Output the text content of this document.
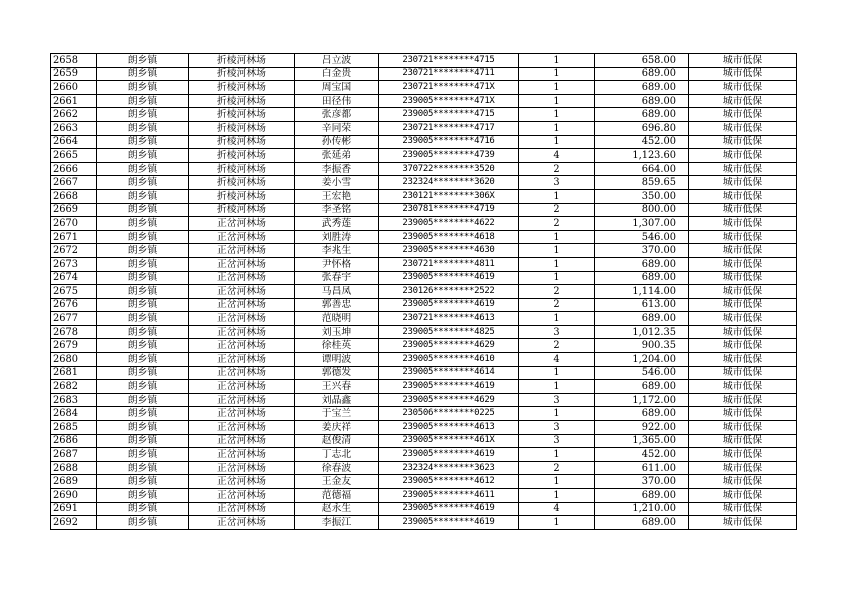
2658	朗乡镇	折棱河林场	吕立波	230721********4715	1	658.00	城市低保
2659	朗乡镇	折棱河林场	白金贵	230721********4711	1	689.00	城市低保
2660	朗乡镇	折棱河林场	周宝国	230721********471X	1	689.00	城市低保
2661	朗乡镇	折棱河林场	田径伟	239005********471X	1	689.00	城市低保
2662	朗乡镇	折棱河林场	张彦都	239005********4715	1	689.00	城市低保
2663	朗乡镇	折棱河林场	辛同荣	230721********4717	1	696.80	城市低保
2664	朗乡镇	折棱河林场	孙传彬	239005********4716	1	452.00	城市低保
2665	朗乡镇	折棱河林场	张延弟	239005********4739	4	1,123.60	城市低保
2666	朗乡镇	折棱河林场	李振香	370722********3520	2	664.00	城市低保
2667	朗乡镇	折棱河林场	姜小雪	232324********3620	3	859.65	城市低保
2668	朗乡镇	折棱河林场	王宏艳	230121********306X	1	350.00	城市低保
2669	朗乡镇	折棱河林场	李圣铭	230781********4719	2	800.00	城市低保
2670	朗乡镇	正岔河林场	武秀莲	239005********4622	2	1,307.00	城市低保
2671	朗乡镇	正岔河林场	刘胜涛	239005********4618	1	546.00	城市低保
2672	朗乡镇	正岔河林场	李兆生	239005********4630	1	370.00	城市低保
2673	朗乡镇	正岔河林场	尹怀格	230721********4811	1	689.00	城市低保
2674	朗乡镇	正岔河林场	张春宇	239005********4619	1	689.00	城市低保
2675	朗乡镇	正岔河林场	马昌凤	230126********2522	2	1,114.00	城市低保
2676	朗乡镇	正岔河林场	郭善忠	239005********4619	2	613.00	城市低保
2677	朗乡镇	正岔河林场	范晓明	230721********4613	1	689.00	城市低保
2678	朗乡镇	正岔河林场	刘玉坤	239005********4825	3	1,012.35	城市低保
2679	朗乡镇	正岔河林场	徐桂英	239005********4629	2	900.35	城市低保
2680	朗乡镇	正岔河林场	谭明波	239005********4610	4	1,204.00	城市低保
2681	朗乡镇	正岔河林场	郭德发	239005********4614	1	546.00	城市低保
2682	朗乡镇	正岔河林场	王兴春	239005********4619	1	689.00	城市低保
2683	朗乡镇	正岔河林场	刘晶鑫	239005********4629	3	1,172.00	城市低保
2684	朗乡镇	正岔河林场	于宝兰	230506********0225	1	689.00	城市低保
2685	朗乡镇	正岔河林场	姜庆祥	239005********4613	3	922.00	城市低保
2686	朗乡镇	正岔河林场	赵俊清	239005********461X	3	1,365.00	城市低保
2687	朗乡镇	正岔河林场	丁志北	239005********4619	1	452.00	城市低保
2688	朗乡镇	正岔河林场	徐春波	232324********3623	2	611.00	城市低保
2689	朗乡镇	正岔河林场	王金友	239005********4612	1	370.00	城市低保
2690	朗乡镇	正岔河林场	范德福	239005********4611	1	689.00	城市低保
2691	朗乡镇	正岔河林场	赵永生	239005********4619	4	1,210.00	城市低保
2692	朗乡镇	正岔河林场	李振江	239005********4619	1	689.00	城市低保
